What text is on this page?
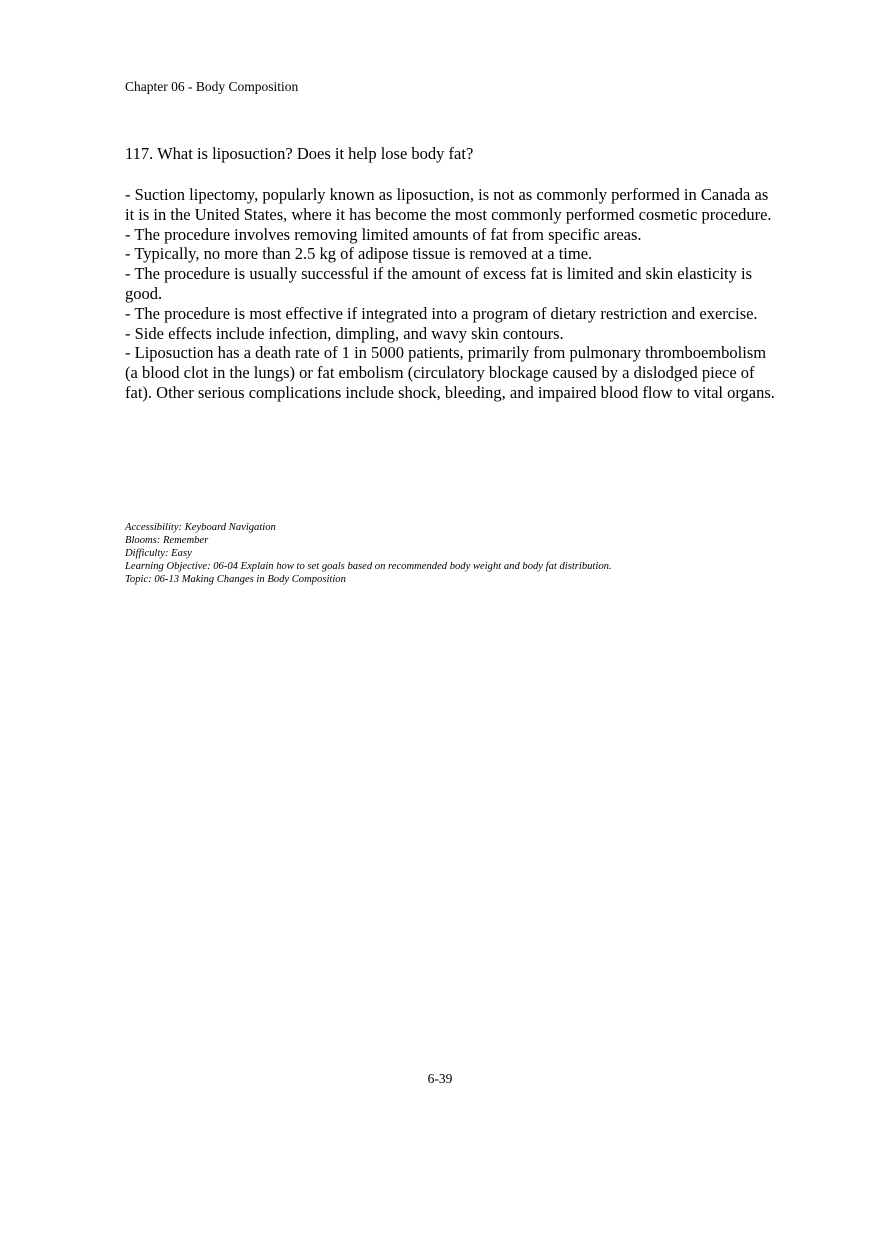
Chapter 06 - Body Composition
117. What is liposuction? Does it help lose body fat?

- Suction lipectomy, popularly known as liposuction, is not as commonly performed in Canada as it is in the United States, where it has become the most commonly performed cosmetic procedure.

- The procedure involves removing limited amounts of fat from specific areas.

- Typically, no more than 2.5 kg of adipose tissue is removed at a time.

- The procedure is usually successful if the amount of excess fat is limited and skin elasticity is good.

- The procedure is most effective if integrated into a program of dietary restriction and exercise.

- Side effects include infection, dimpling, and wavy skin contours.

- Liposuction has a death rate of 1 in 5000 patients, primarily from pulmonary thromboembolism (a blood clot in the lungs) or fat embolism (circulatory blockage caused by a dislodged piece of fat). Other serious complications include shock, bleeding, and impaired blood flow to vital organs.

Accessibility: Keyboard Navigation

Blooms: Remember

Difficulty: Easy

Learning Objective: 06-04 Explain how to set goals based on recommended body weight and body fat distribution.

Topic: 06-13 Making Changes in Body Composition

6-39
